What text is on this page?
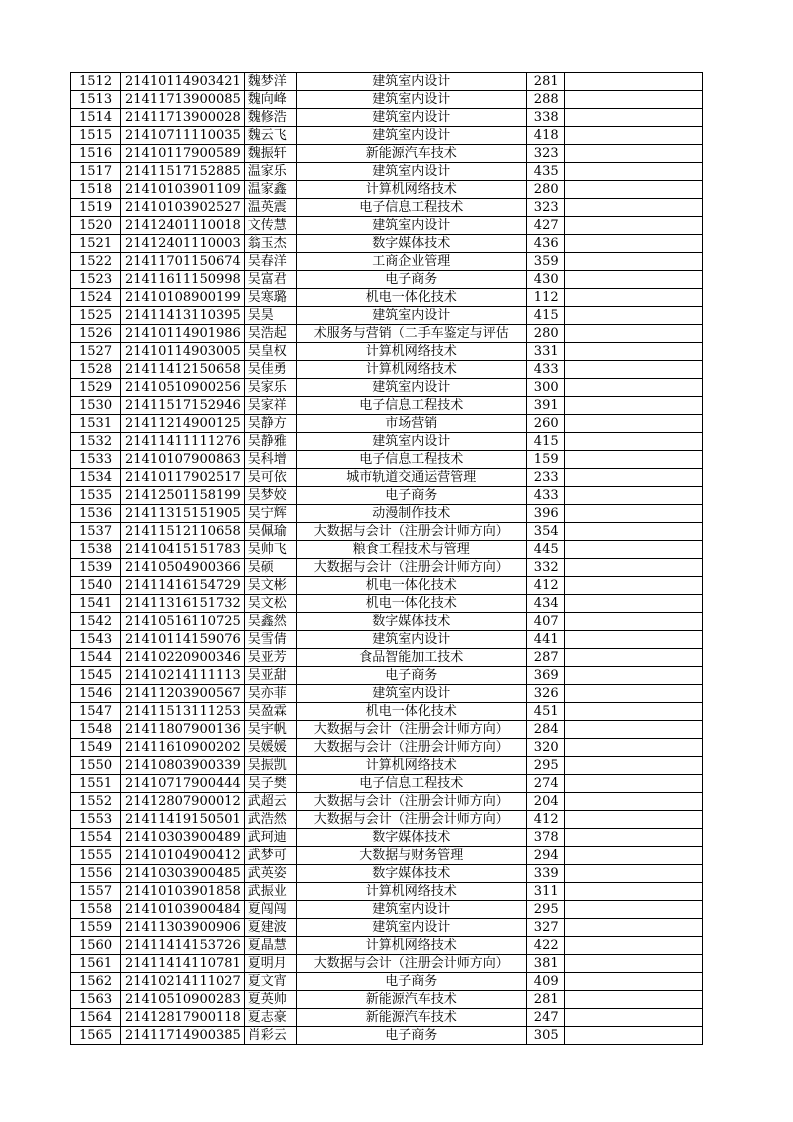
1512	21410114903421	魏梦洋	建筑室内设计	281	
1513	21411713900085	魏向峰	建筑室内设计	288	
1514	21411713900028	魏修浩	建筑室内设计	338	
1515	21410711110035	魏云飞	建筑室内设计	418	
1516	21410117900589	魏振轩	新能源汽车技术	323	
1517	21411517152885	温家乐	建筑室内设计	435	
1518	21410103901109	温家鑫	计算机网络技术	280	
1519	21410103902527	温英震	电子信息工程技术	323	
1520	21412401110018	文传慧	建筑室内设计	427	
1521	21412401110003	翁玉杰	数字媒体技术	436	
1522	21411701150674	吴春洋	工商企业管理	359	
1523	21411611150998	吴富君	电子商务	430	
1524	21410108900199	吴寒璐	机电一体化技术	112	
1525	21411413110395	吴昊	建筑室内设计	415	
1526	21410114901986	吴浩起	术服务与营销（二手车鉴定与评估	280	
1527	21410114903005	吴皇权	计算机网络技术	331	
1528	21411412150658	吴佳勇	计算机网络技术	433	
1529	21410510900256	吴家乐	建筑室内设计	300	
1530	21411517152946	吴家祥	电子信息工程技术	391	
1531	21411214900125	吴静方	市场营销	260	
1532	21411411111276	吴静雅	建筑室内设计	415	
1533	21410107900863	吴科增	电子信息工程技术	159	
1534	21410117902517	吴可依	城市轨道交通运营管理	233	
1535	21412501158199	吴梦姣	电子商务	433	
1536	21411315151905	吴宁辉	动漫制作技术	396	
1537	21411512110658	吴佩瑜	大数据与会计（注册会计师方向）	354	
1538	21410415151783	吴帅飞	粮食工程技术与管理	445	
1539	21410504900366	吴硕	大数据与会计（注册会计师方向）	332	
1540	21411416154729	吴文彬	机电一体化技术	412	
1541	21411316151732	吴文松	机电一体化技术	434	
1542	21410516110725	吴鑫然	数字媒体技术	407	
1543	21410114159076	吴雪倩	建筑室内设计	441	
1544	21410220900346	吴亚芳	食品智能加工技术	287	
1545	21410214111113	吴亚甜	电子商务	369	
1546	21411203900567	吴亦菲	建筑室内设计	326	
1547	21411513111253	吴盈霖	机电一体化技术	451	
1548	21411807900136	吴宇帆	大数据与会计（注册会计师方向）	284	
1549	21411610900202	吴媛媛	大数据与会计（注册会计师方向）	320	
1550	21410803900339	吴振凯	计算机网络技术	295	
1551	21410717900444	吴子樊	电子信息工程技术	274	
1552	21412807900012	武超云	大数据与会计（注册会计师方向）	204	
1553	21411419150501	武浩然	大数据与会计（注册会计师方向）	412	
1554	21410303900489	武珂迪	数字媒体技术	378	
1555	21410104900412	武梦可	大数据与财务管理	294	
1556	21410303900485	武英姿	数字媒体技术	339	
1557	21410103901858	武振业	计算机网络技术	311	
1558	21410103900484	夏闯闯	建筑室内设计	295	
1559	21411303900906	夏建波	建筑室内设计	327	
1560	21411414153726	夏晶慧	计算机网络技术	422	
1561	21411414110781	夏明月	大数据与会计（注册会计师方向）	381	
1562	21410214111027	夏文宵	电子商务	409	
1563	21410510900283	夏英帅	新能源汽车技术	281	
1564	21412817900118	夏志豪	新能源汽车技术	247	
1565	21411714900385	肖彩云	电子商务	305	
